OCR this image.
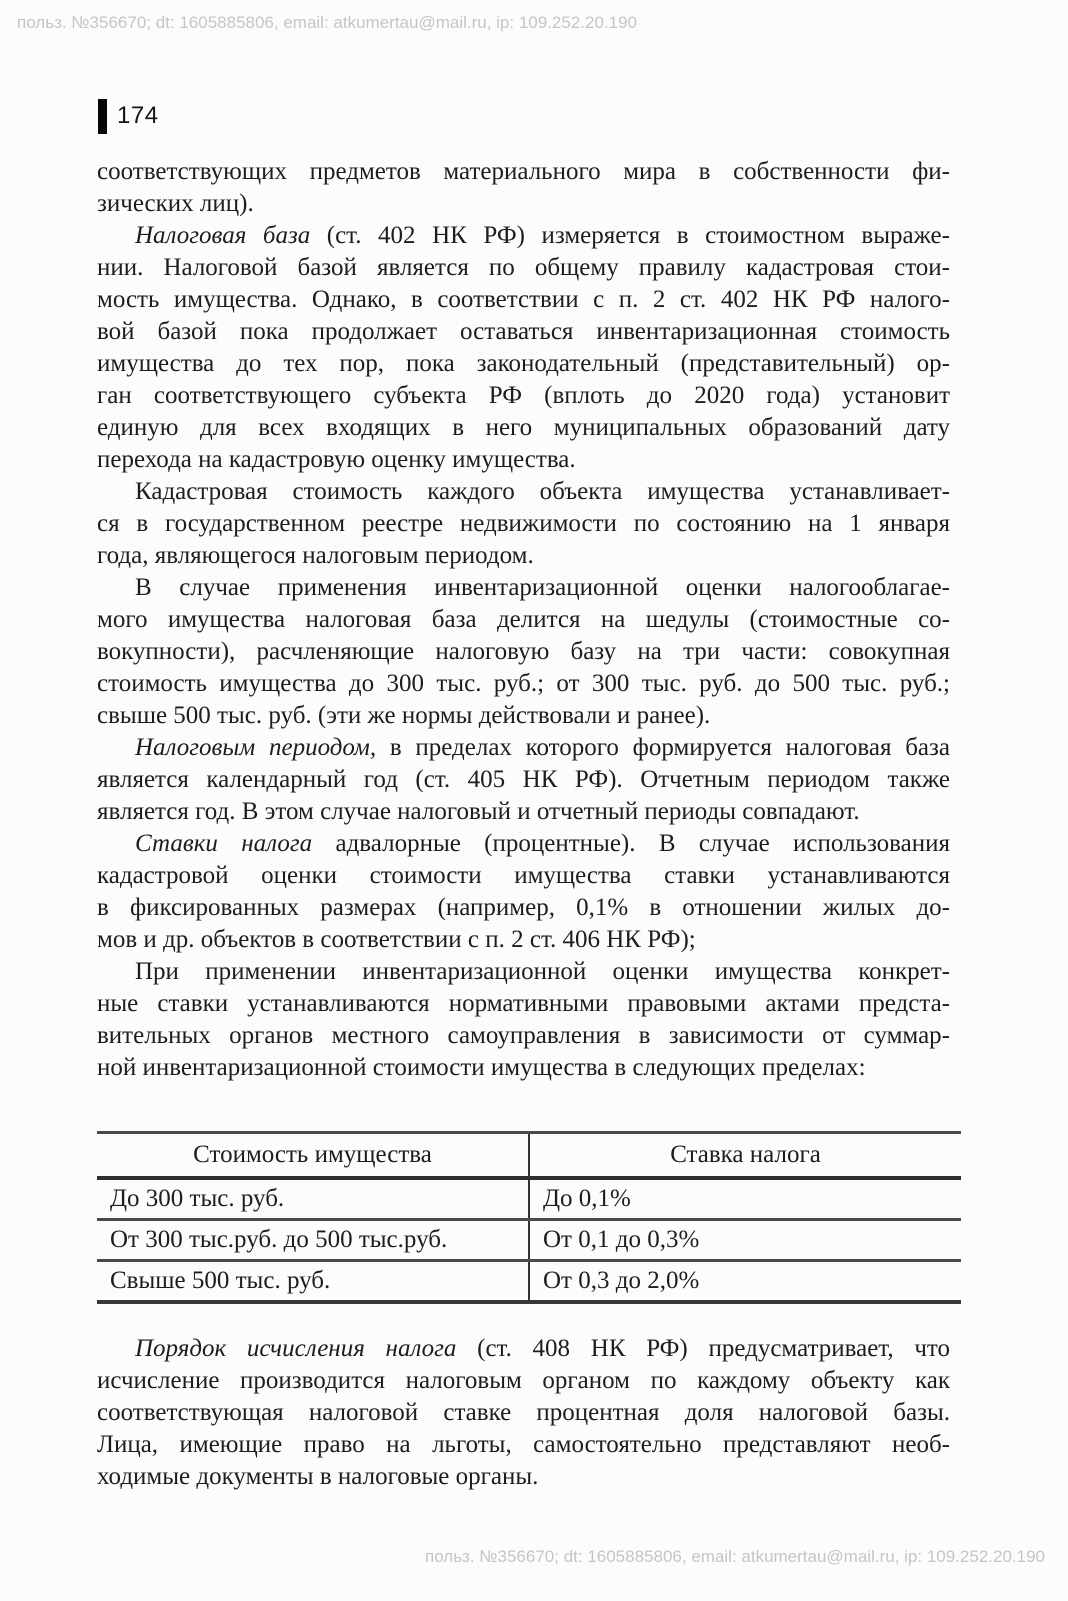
польз. №356670; dt: 1605885806, email: atkumertau@mail.ru, ip: 109.252.20.190
174
соответствующих предметов материального мира в собственности фи-
зических лиц).
Налоговая база (ст. 402 НК РФ) измеряется в стоимостном выраже-
нии. Налоговой базой является по общему правилу кадастровая стои-
мость имущества. Однако, в соответствии с п. 2 ст. 402 НК РФ налого-
вой базой пока продолжает оставаться инвентаризационная стоимость
имущества до тех пор, пока законодательный (представительный) ор-
ган соответствующего субъекта РФ (вплоть до 2020 года) установит
единую для всех входящих в него муниципальных образований дату
перехода на кадастровую оценку имущества.
Кадастровая стоимость каждого объекта имущества устанавливает-
ся в государственном реестре недвижимости по состоянию на 1 января
года, являющегося налоговым периодом.
В случае применения инвентаризационной оценки налогооблагае-
мого имущества налоговая база делится на шедулы (стоимостные со-
вокупности), расчленяющие налоговую базу на три части: совокупная
стоимость имущества до 300 тыс. руб.; от 300 тыс. руб. до 500 тыс. руб.;
свыше 500 тыс. руб. (эти же нормы действовали и ранее).
Налоговым периодом, в пределах которого формируется налоговая база
является календарный год (ст. 405 НК РФ). Отчетным периодом также
является год. В этом случае налоговый и отчетный периоды совпадают.
Ставки налога адвалорные (процентные). В случае использования
кадастровой оценки стоимости имущества ставки устанавливаются
в фиксированных размерах (например, 0,1% в отношении жилых до-
мов и др. объектов в соответствии с п. 2 ст. 406 НК РФ);
При применении инвентаризационной оценки имущества конкрет-
ные ставки устанавливаются нормативными правовыми актами предста-
вительных органов местного самоуправления в зависимости от суммар-
ной инвентаризационной стоимости имущества в следующих пределах:
Стоимость имущества	Ставка налога
До 300 тыс. руб.	До 0,1%
От 300 тыс.руб. до 500 тыс.руб.	От 0,1 до 0,3%
Свыше 500 тыс. руб.	От 0,3 до 2,0%
Порядок исчисления налога (ст. 408 НК РФ) предусматривает, что
исчисление производится налоговым органом по каждому объекту как
соответствующая налоговой ставке процентная доля налоговой базы.
Лица, имеющие право на льготы, самостоятельно представляют необ-
ходимые документы в налоговые органы.
польз. №356670; dt: 1605885806, email: atkumertau@mail.ru, ip: 109.252.20.190
